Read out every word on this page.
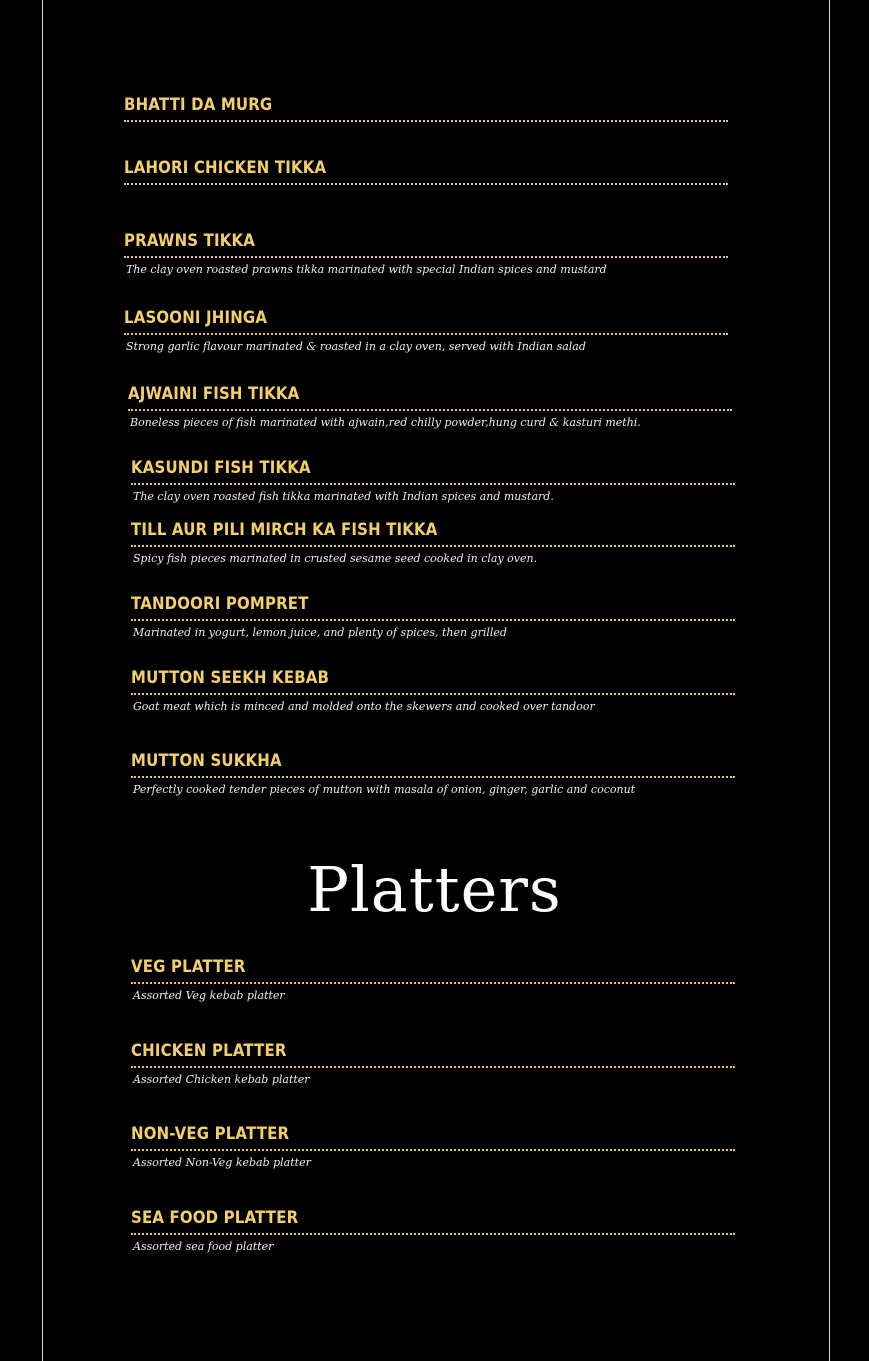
BHATTI DA MURG
LAHORI CHICKEN TIKKA
PRAWNS TIKKA
The clay oven roasted prawns tikka marinated with special Indian spices and mustard
LASOONI JHINGA
Strong garlic flavour marinated & roasted in a clay oven, served with Indian salad
AJWAINI FISH TIKKA
Boneless pieces of fish marinated with ajwain,red chilly powder,hung curd & kasturi methi.
KASUNDI FISH TIKKA
The clay oven roasted fish tikka marinated with Indian spices and mustard.
TILL AUR PILI MIRCH KA FISH TIKKA
Spicy fish pieces marinated in crusted sesame seed cooked in clay oven.
TANDOORI POMPRET
Marinated in yogurt, lemon juice, and plenty of spices, then grilled
MUTTON SEEKH KEBAB
Goat meat which is minced and molded onto the skewers and cooked over tandoor
MUTTON SUKKHA
Perfectly cooked tender pieces of mutton with masala of onion, ginger, garlic and coconut
Platters
VEG PLATTER
Assorted Veg kebab platter
CHICKEN PLATTER
Assorted Chicken kebab platter
NON-VEG PLATTER
Assorted Non-Veg kebab platter
SEA FOOD PLATTER
Assorted sea food platter
